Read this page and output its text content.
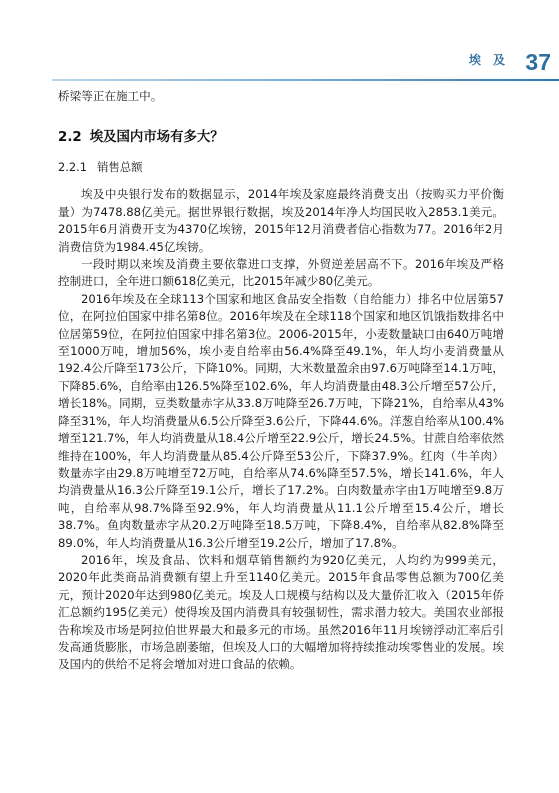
埃 及 37

桥梁等正在施工中。

2.2 埃及国内市场有多大？
2.2.1 销售总额

埃及中央银行发布的数据显示，2014年埃及家庭最终消费支出（按购买力平价衡量）为7478.88亿美元。据世界银行数据，埃及2014年净人均国民收入2853.1美元。2015年6月消费开支为4370亿埃镑，2015年12月消费者信心指数为77。2016年2月消费信贷为1984.45亿埃镑。

一段时期以来埃及消费主要依靠进口支撑，外贸逆差居高不下。2016年埃及严格控制进口，全年进口额618亿美元，比2015年减少80亿美元。

2016年埃及在全球113个国家和地区食品安全指数（自给能力）排名中位居第57位，在阿拉伯国家中排名第8位。2016年埃及在全球118个国家和地区饥饿指数排名中位居第59位，在阿拉伯国家中排名第3位。2006-2015年，小麦数量缺口由640万吨增至1000万吨，增加56%，埃小麦自给率由56.4%降至49.1%，年人均小麦消费量从192.4公斤降至173公斤，下降10%。同期，大米数量盈余由97.6万吨降至14.1万吨，下降85.6%，自给率由126.5%降至102.6%，年人均消费量由48.3公斤增至57公斤，增长18%。同期，豆类数量赤字从33.8万吨降至26.7万吨，下降21%，自给率从43%降至31%，年人均消费量从6.5公斤降至3.6公斤，下降44.6%。洋葱自给率从100.4%增至121.7%，年人均消费量从18.4公斤增至22.9公斤，增长24.5%。甘蔗自给率依然维持在100%，年人均消费量从85.4公斤降至53公斤，下降37.9%。红肉（牛羊肉）数量赤字由29.8万吨增至72万吨，自给率从74.6%降至57.5%，增长141.6%，年人均消费量从16.3公斤降至19.1公斤，增长了17.2%。白肉数量赤字由1万吨增至9.8万吨，自给率从98.7%降至92.9%，年人均消费量从11.1公斤增至15.4公斤，增长38.7%。鱼肉数量赤字从20.2万吨降至18.5万吨，下降8.4%，自给率从82.8%降至89.0%，年人均消费量从16.3公斤增至19.2公斤，增加了17.8%。

2016年，埃及食品、饮料和烟草销售额约为920亿美元，人均约为999美元，2020年此类商品消费额有望上升至1140亿美元。2015年食品零售总额为700亿美元，预计2020年达到980亿美元。埃及人口规模与结构以及大量侨汇收入（2015年侨汇总额约195亿美元）使得埃及国内消费具有较强韧性，需求潜力较大。美国农业部报告称埃及市场是阿拉伯世界最大和最多元的市场。虽然2016年11月埃镑浮动汇率后引发高通货膨胀，市场急剧萎缩，但埃及人口的大幅增加将持续推动埃零售业的发展。埃及国内的供给不足将会增加对进口食品的依赖。
